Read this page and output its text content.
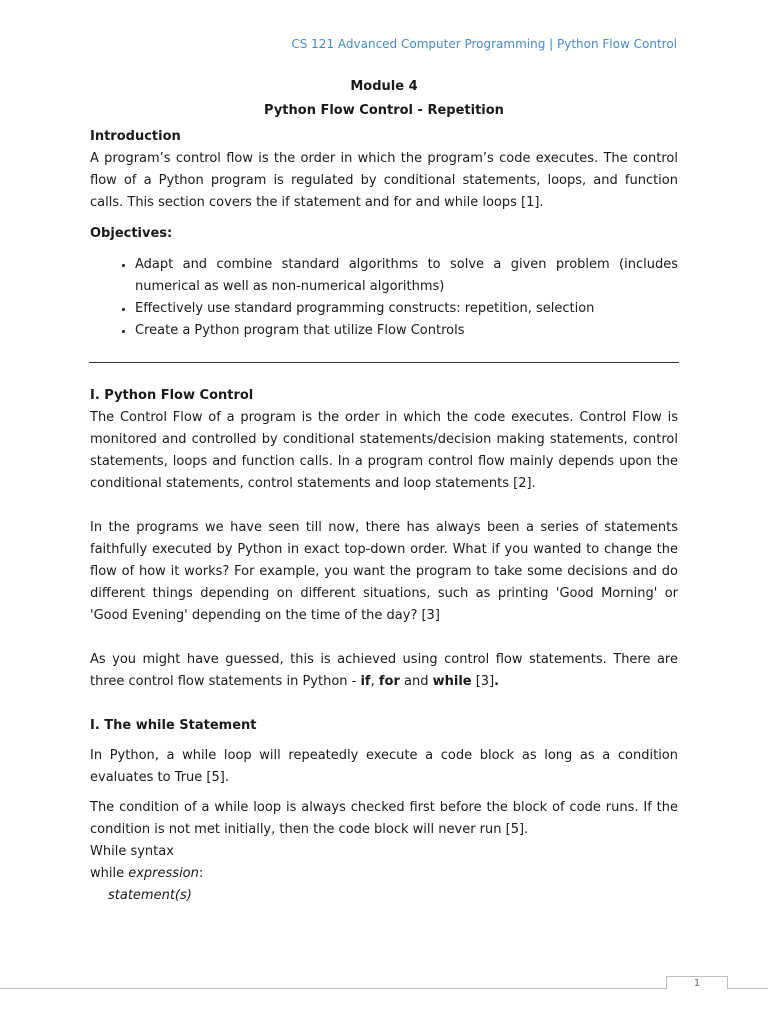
CS 121 Advanced Computer Programming | Python Flow Control
Module 4
Python Flow Control - Repetition
Introduction

A program’s control flow is the order in which the program’s code executes. The control flow of a Python program is regulated by conditional statements, loops, and function calls. This section covers the if statement and for and while loops [1].

Objectives:
• Adapt and combine standard algorithms to solve a given problem (includes numerical as well as non-numerical algorithms)
• Effectively use standard programming constructs: repetition, selection
• Create a Python program that utilize Flow Controls
I. Python Flow Control

The Control Flow of a program is the order in which the code executes. Control Flow is monitored and controlled by conditional statements/decision making statements, control statements, loops and function calls. In a program control flow mainly depends upon the conditional statements, control statements and loop statements [2].

In the programs we have seen till now, there has always been a series of statements faithfully executed by Python in exact top-down order. What if you wanted to change the flow of how it works? For example, you want the program to take some decisions and do different things depending on different situations, such as printing 'Good Morning' or 'Good Evening' depending on the time of the day? [3]

As you might have guessed, this is achieved using control flow statements. There are three control flow statements in Python - if, for and while [3].

I. The while Statement

In Python, a while loop will repeatedly execute a code block as long as a condition evaluates to True [5].

The condition of a while loop is always checked first before the block of code runs. If the condition is not met initially, then the code block will never run [5].

While syntax
while expression:
statement(s)
1
